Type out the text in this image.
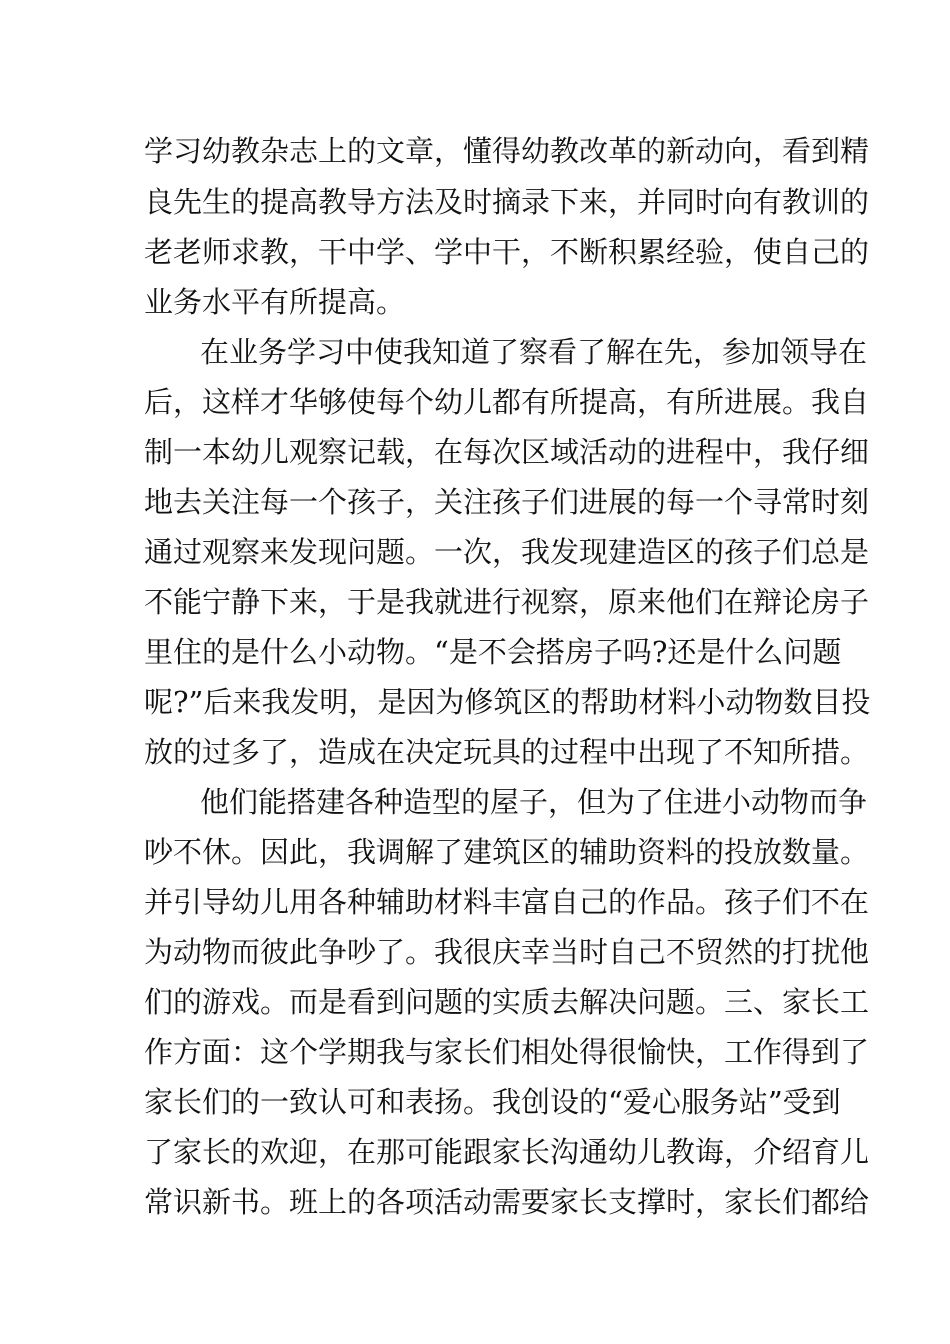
学习幼教杂志上的文章，懂得幼教改革的新动向，看到精
良先生的提高教导方法及时摘录下来，并同时向有教训的
老老师求教，干中学、学中干，不断积累经验，使自己的
业务水平有所提高。
在业务学习中使我知道了察看了解在先，参加领导在
后，这样才华够使每个幼儿都有所提高，有所进展。我自
制一本幼儿观察记载，在每次区域活动的进程中，我仔细
地去关注每一个孩子，关注孩子们进展的每一个寻常时刻
通过观察来发现问题。一次，我发现建造区的孩子们总是
不能宁静下来，于是我就进行视察，原来他们在辩论房子
里住的是什么小动物。“是不会搭房子吗?还是什么问题
呢?”后来我发明，是因为修筑区的帮助材料小动物数目投
放的过多了，造成在决定玩具的过程中出现了不知所措。
他们能搭建各种造型的屋子，但为了住进小动物而争
吵不休。因此，我调解了建筑区的辅助资料的投放数量。
并引导幼儿用各种辅助材料丰富自己的作品。孩子们不在
为动物而彼此争吵了。我很庆幸当时自己不贸然的打扰他
们的游戏。而是看到问题的实质去解决问题。三、家长工
作方面：这个学期我与家长们相处得很愉快，工作得到了
家长们的一致认可和表扬。我创设的“爱心服务站”受到
了家长的欢迎，在那可能跟家长沟通幼儿教诲，介绍育儿
常识新书。班上的各项活动需要家长支撑时，家长们都给
